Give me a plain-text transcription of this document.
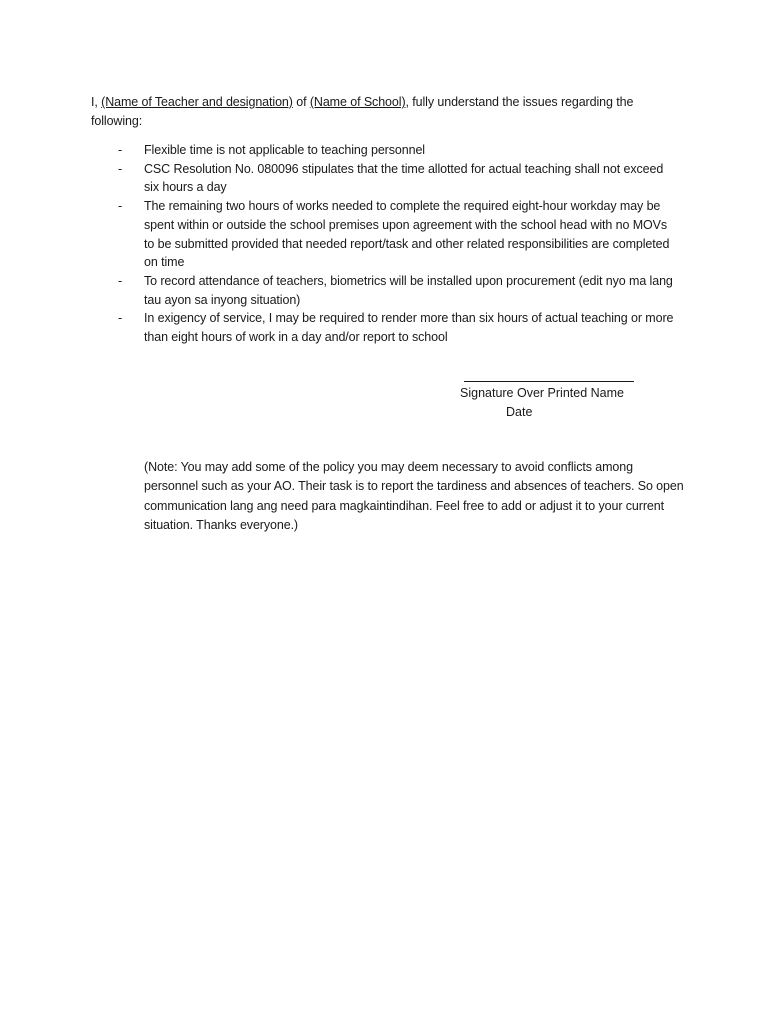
I, (Name of Teacher and designation) of (Name of School), fully understand the issues regarding the following:
- Flexible time is not applicable to teaching personnel
- CSC Resolution No. 080096 stipulates that the time allotted for actual teaching shall not exceed six hours a day
- The remaining two hours of works needed to complete the required eight-hour workday may be spent within or outside the school premises upon agreement with the school head with no MOVs to be submitted provided that needed report/task and other related responsibilities are completed on time
- To record attendance of teachers, biometrics will be installed upon procurement (edit nyo ma lang tau ayon sa inyong situation)
- In exigency of service, I may be required to render more than six hours of actual teaching or more than eight hours of work in a day and/or report to school
Signature Over Printed Name
Date
(Note: You may add some of the policy you may deem necessary to avoid conflicts among personnel such as your AO. Their task is to report the tardiness and absences of teachers. So open communication lang ang need para magkaintindihan. Feel free to add or adjust it to your current situation. Thanks everyone.)
